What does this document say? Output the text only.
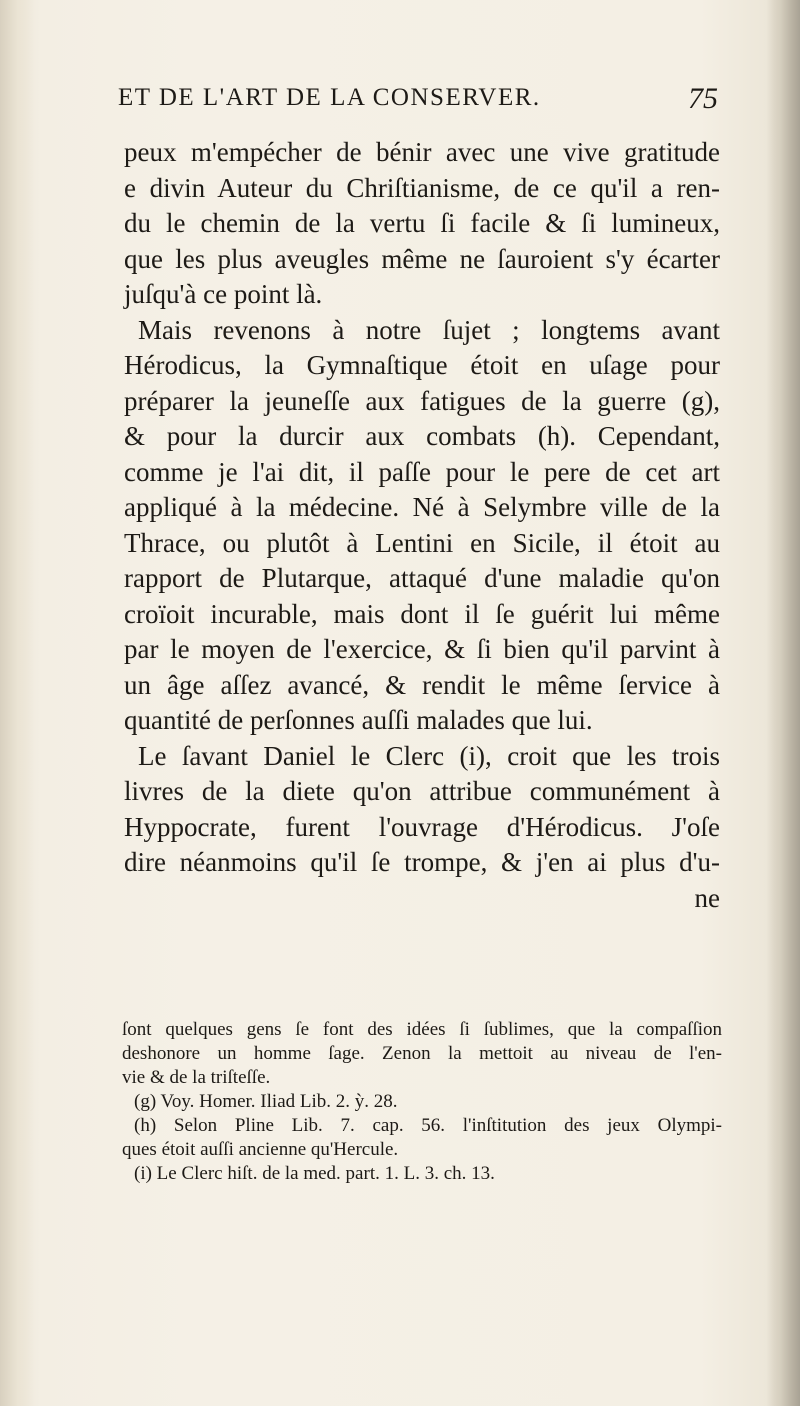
ET DE L'ART DE LA CONSERVER.	75
peux m'empécher de bénir avec une vive gratitude
e divin Auteur du Chriſtianisme, de ce qu'il a ren-
du le chemin de la vertu ſi facile & ſi lumineux,
que les plus aveugles même ne ſauroient s'y écarter
juſqu'à ce point là.
Mais revenons à notre ſujet ; longtems avant
Hérodicus, la Gymnaſtique étoit en uſage pour
préparer la jeuneſſe aux fatigues de la guerre (g),
& pour la durcir aux combats (h). Cependant,
comme je l'ai dit, il paſſe pour le pere de cet art
appliqué à la médecine. Né à Selymbre ville de la
Thrace, ou plutôt à Lentini en Sicile, il étoit au
rapport de Plutarque, attaqué d'une maladie qu'on
croïoit incurable, mais dont il ſe guérit lui même
par le moyen de l'exercice, & ſi bien qu'il parvint à
un âge aſſez avancé, & rendit le même ſervice à
quantité de perſonnes auſſi malades que lui.
Le ſavant Daniel le Clerc (i), croit que les trois
livres de la diete qu'on attribue communément à
Hyppocrate, furent l'ouvrage d'Hérodicus. J'oſe
dire néanmoins qu'il ſe trompe, & j'en ai plus d'u-
ne
ſont quelques gens ſe font des idées ſi ſublimes, que la compaſſion
deshonore un homme ſage. Zenon la mettoit au niveau de l'en-
vie & de la triſteſſe.
(g) Voy. Homer. Iliad Lib. 2. ỳ. 28.
(h) Selon Pline Lib. 7. cap. 56. l'inſtitution des jeux Olympi-
ques étoit auſſi ancienne qu'Hercule.
(i) Le Clerc hiſt. de la med. part. 1. L. 3. ch. 13.
